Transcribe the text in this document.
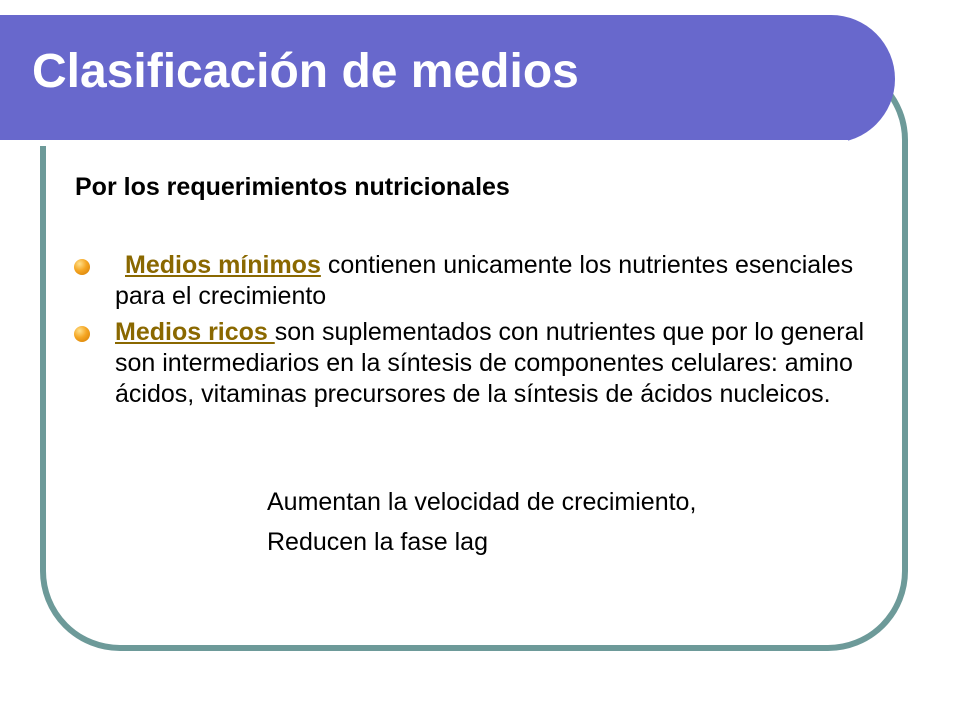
Clasificación de medios

Por los requerimientos nutricionales

Medios mínimos contienen unicamente los nutrientes esenciales para el crecimiento
Medios ricos son suplementados con nutrientes que por lo general son intermediarios en la síntesis de componentes celulares: amino ácidos, vitaminas precursores de la síntesis de ácidos nucleicos.
Aumentan la velocidad de crecimiento,
Reducen la fase lag
